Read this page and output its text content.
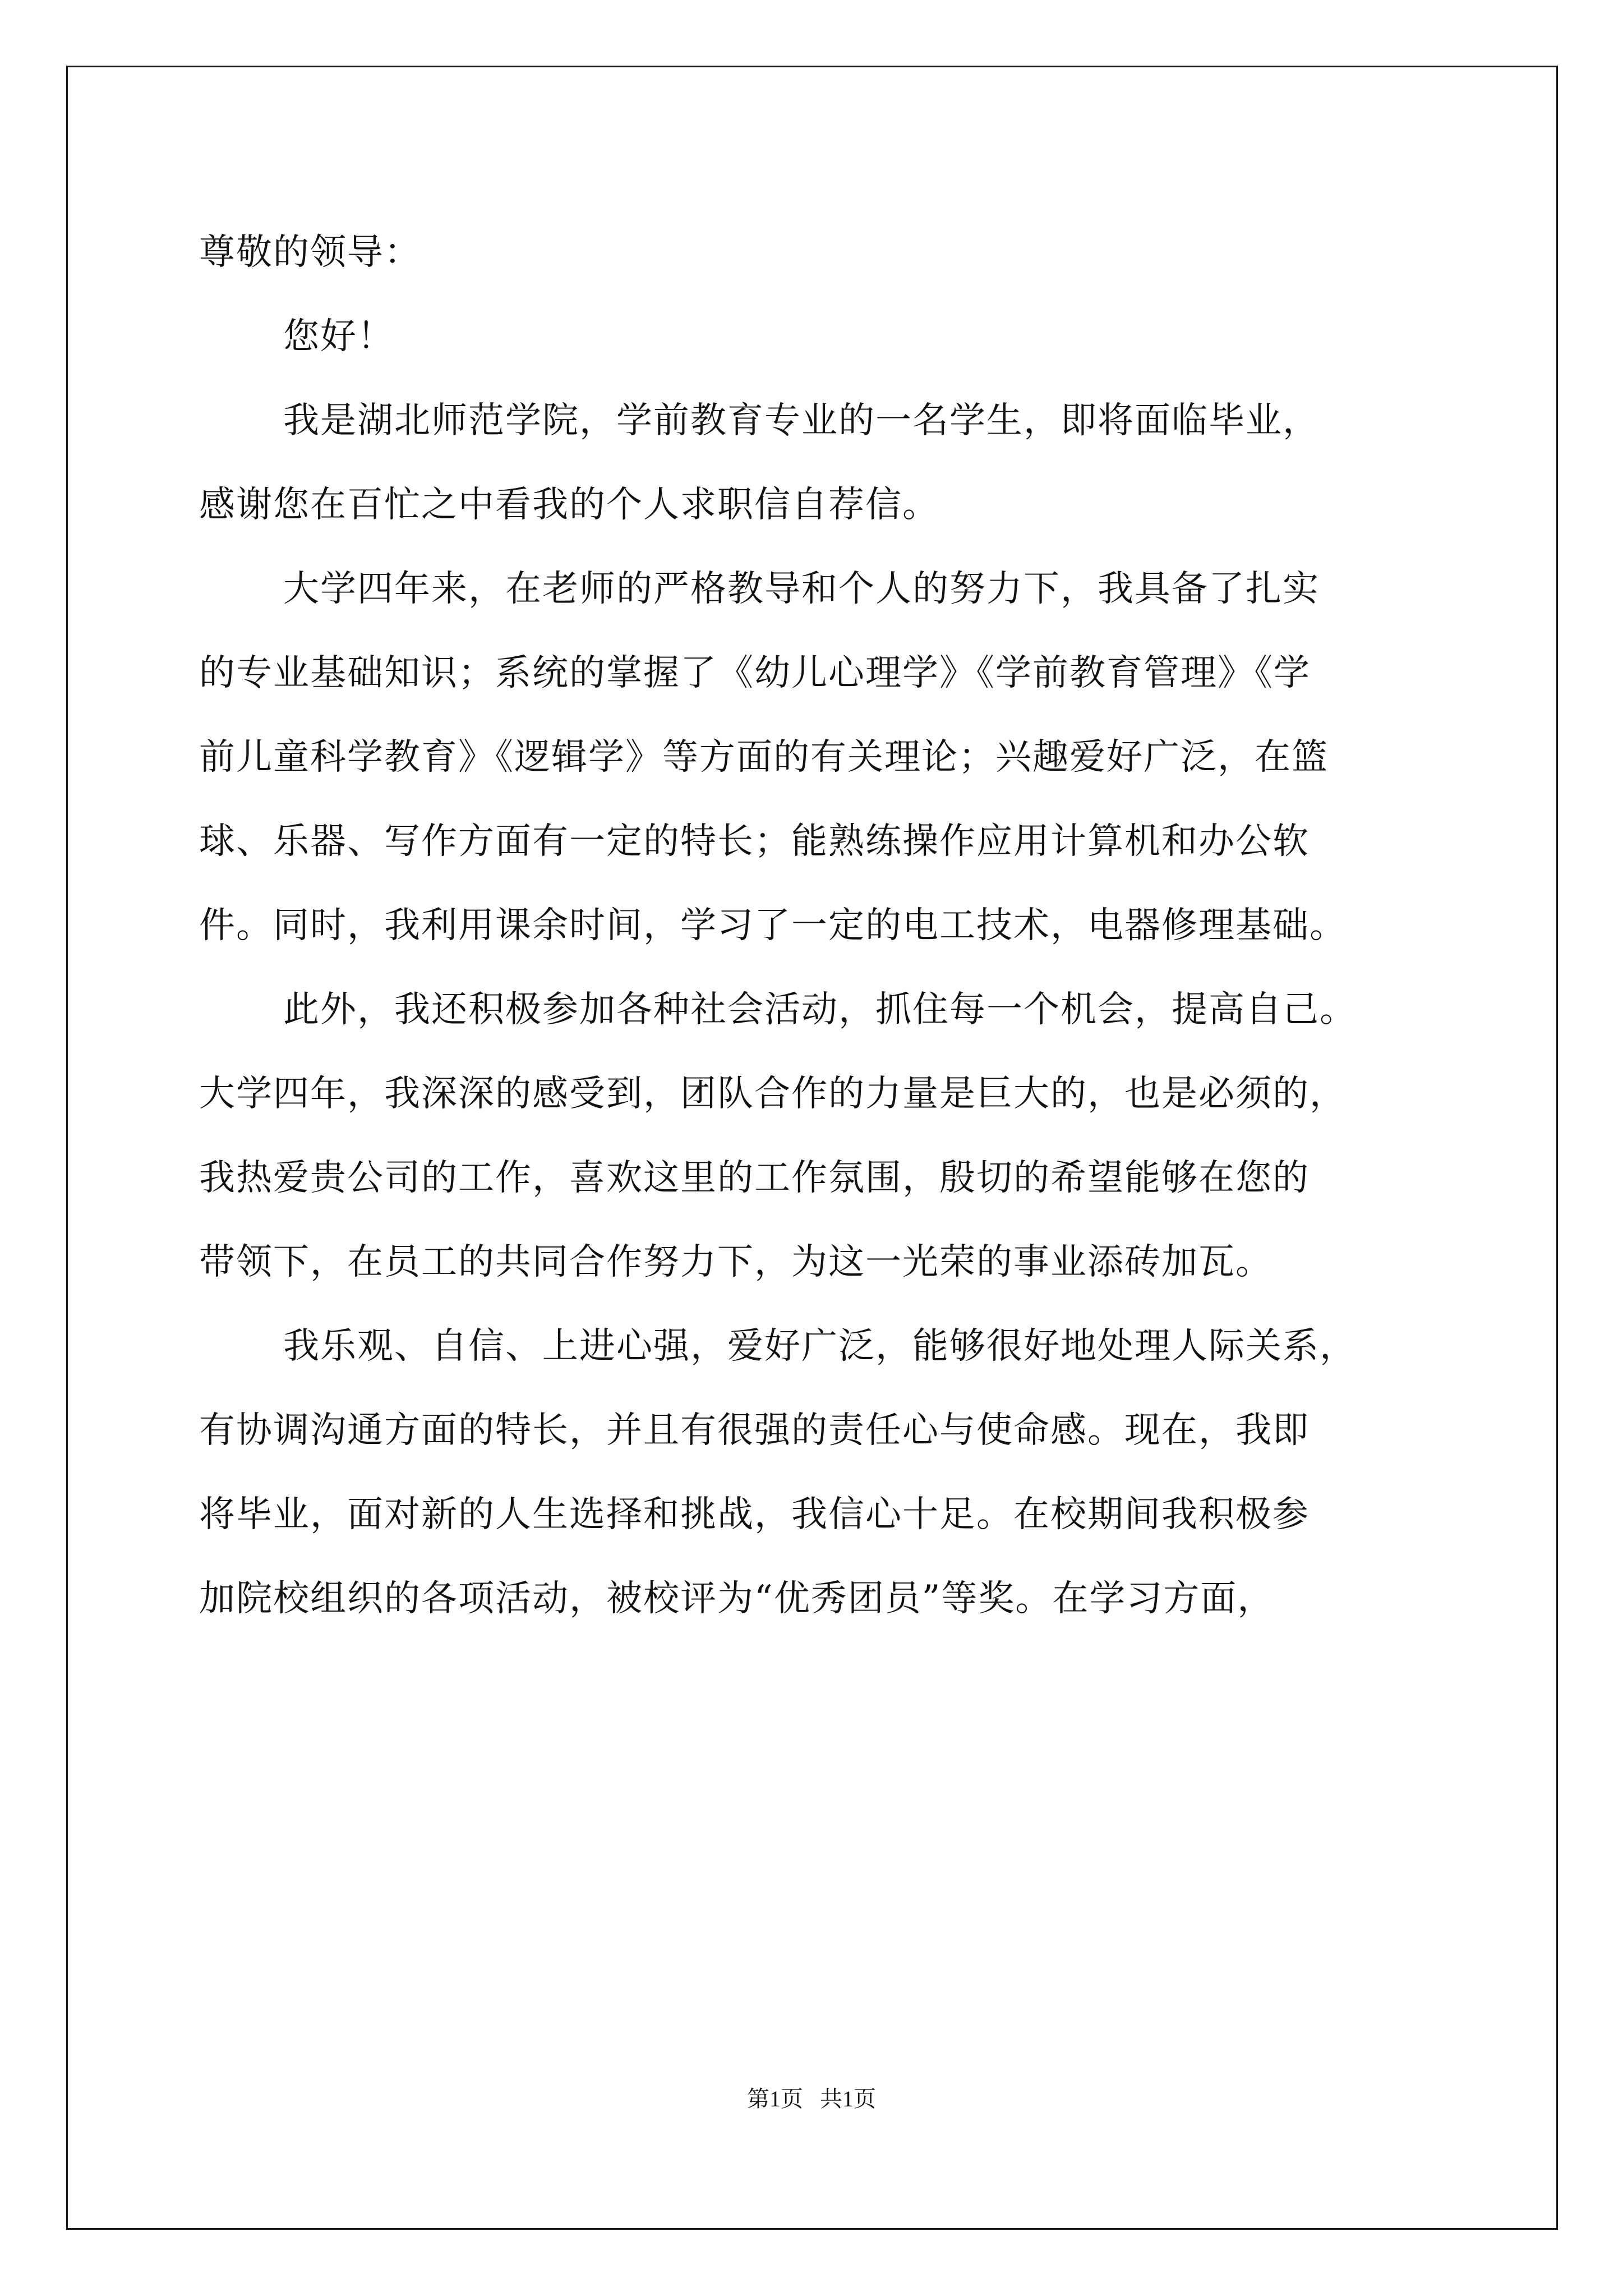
尊敬的领导：
您好！
我是湖北师范学院，学前教育专业的一名学生，即将面临毕业，
感谢您在百忙之中看我的个人求职信自荐信。
大学四年来，在老师的严格教导和个人的努力下，我具备了扎实
的专业基础知识；系统的掌握了《幼儿心理学》《学前教育管理》《学
前儿童科学教育》《逻辑学》等方面的有关理论；兴趣爱好广泛，在篮
球、乐器、写作方面有一定的特长；能熟练操作应用计算机和办公软
件。同时，我利用课余时间，学习了一定的电工技术，电器修理基础。
此外，我还积极参加各种社会活动，抓住每一个机会，提高自己。
大学四年，我深深的感受到，团队合作的力量是巨大的，也是必须的，
我热爱贵公司的工作，喜欢这里的工作氛围，殷切的希望能够在您的
带领下，在员工的共同合作努力下，为这一光荣的事业添砖加瓦。
我乐观、自信、上进心强，爱好广泛，能够很好地处理人际关系，
有协调沟通方面的特长，并且有很强的责任心与使命感。现在，我即
将毕业，面对新的人生选择和挑战，我信心十足。在校期间我积极参
加院校组织的各项活动，被校评为“优秀团员”等奖。在学习方面，
第1页   共1页
